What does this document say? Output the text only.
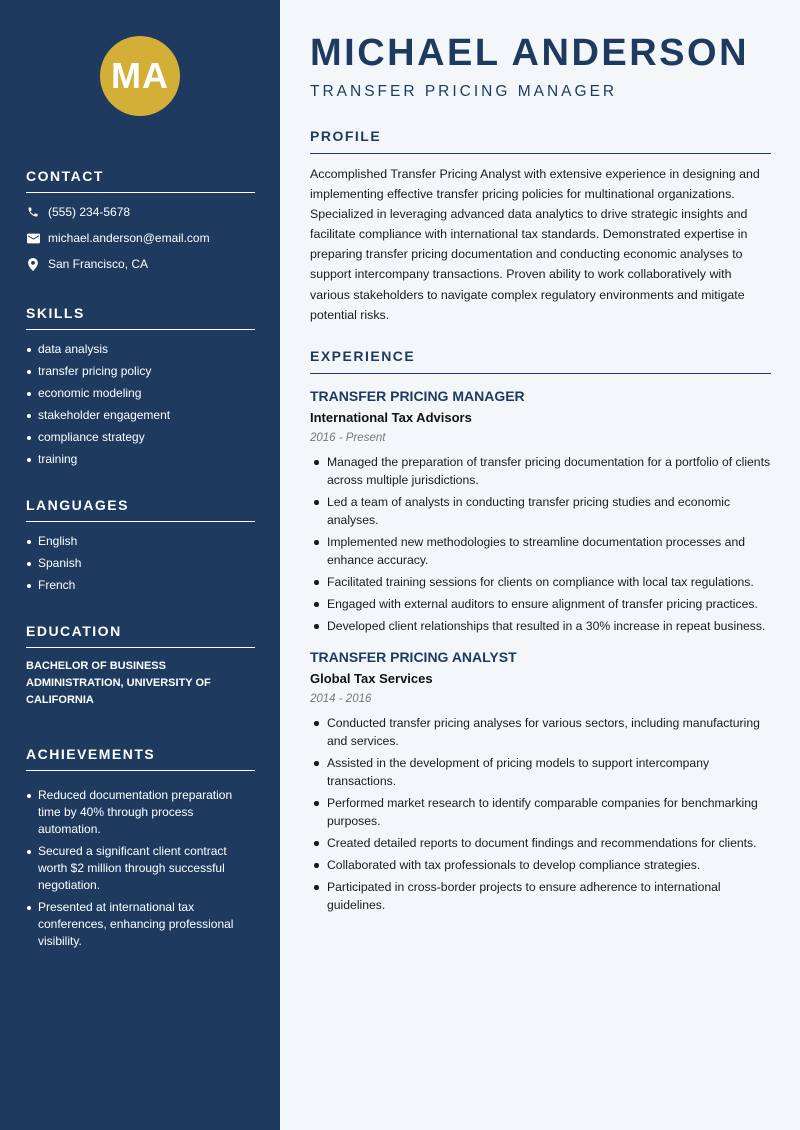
MA
CONTACT
(555) 234-5678
michael.anderson@email.com
San Francisco, CA
SKILLS
data analysis
transfer pricing policy
economic modeling
stakeholder engagement
compliance strategy
training
LANGUAGES
English
Spanish
French
EDUCATION
BACHELOR OF BUSINESS ADMINISTRATION, UNIVERSITY OF CALIFORNIA
ACHIEVEMENTS
Reduced documentation preparation time by 40% through process automation.
Secured a significant client contract worth $2 million through successful negotiation.
Presented at international tax conferences, enhancing professional visibility.
MICHAEL ANDERSON
TRANSFER PRICING MANAGER
PROFILE
Accomplished Transfer Pricing Analyst with extensive experience in designing and implementing effective transfer pricing policies for multinational organizations. Specialized in leveraging advanced data analytics to drive strategic insights and facilitate compliance with international tax standards. Demonstrated expertise in preparing transfer pricing documentation and conducting economic analyses to support intercompany transactions. Proven ability to work collaboratively with various stakeholders to navigate complex regulatory environments and mitigate potential risks.
EXPERIENCE
TRANSFER PRICING MANAGER
International Tax Advisors
2016 - Present
Managed the preparation of transfer pricing documentation for a portfolio of clients across multiple jurisdictions.
Led a team of analysts in conducting transfer pricing studies and economic analyses.
Implemented new methodologies to streamline documentation processes and enhance accuracy.
Facilitated training sessions for clients on compliance with local tax regulations.
Engaged with external auditors to ensure alignment of transfer pricing practices.
Developed client relationships that resulted in a 30% increase in repeat business.
TRANSFER PRICING ANALYST
Global Tax Services
2014 - 2016
Conducted transfer pricing analyses for various sectors, including manufacturing and services.
Assisted in the development of pricing models to support intercompany transactions.
Performed market research to identify comparable companies for benchmarking purposes.
Created detailed reports to document findings and recommendations for clients.
Collaborated with tax professionals to develop compliance strategies.
Participated in cross-border projects to ensure adherence to international guidelines.
